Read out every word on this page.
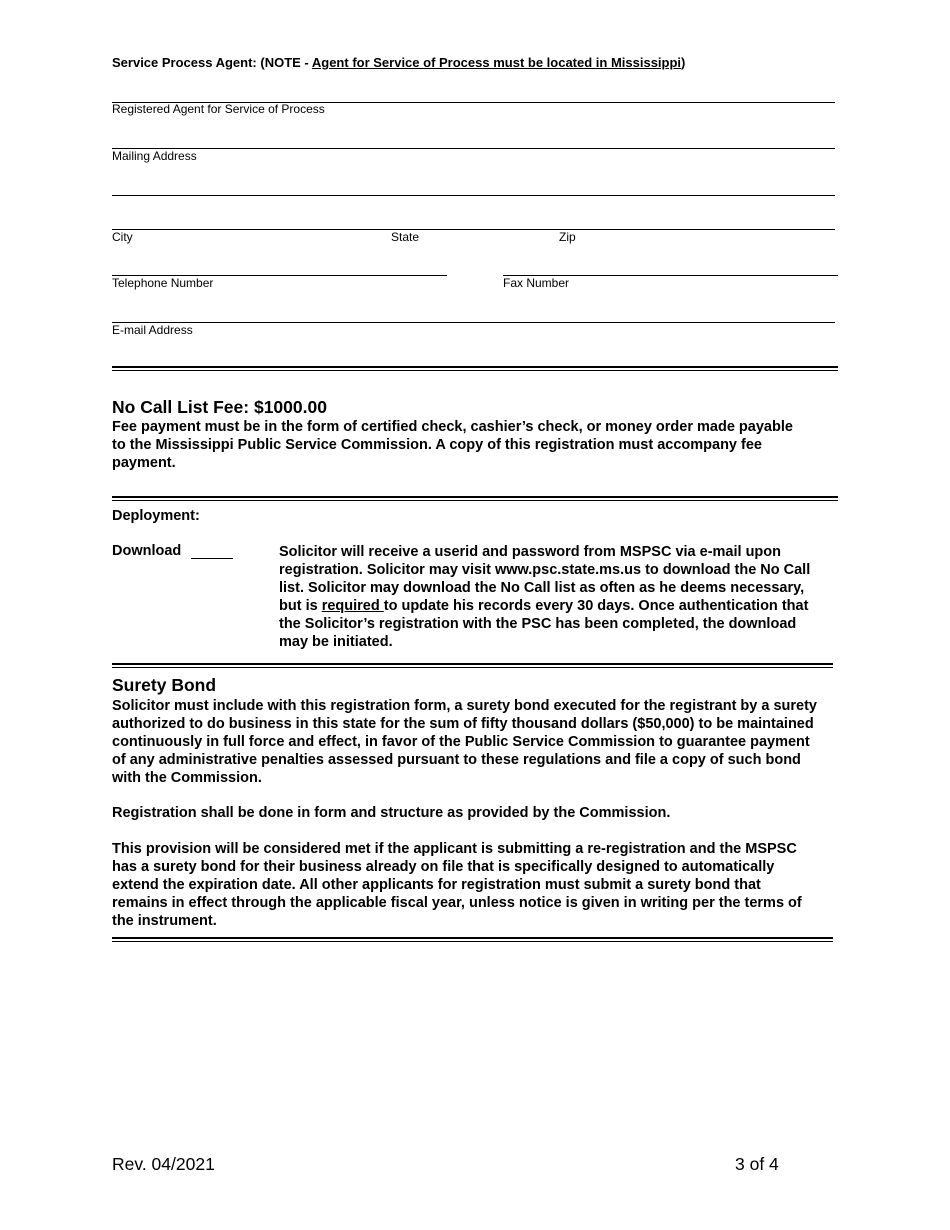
Service Process Agent: (NOTE - Agent for Service of Process must be located in Mississippi)
Registered Agent for Service of Process
Mailing Address
City	State	Zip
Telephone Number	Fax Number
E-mail Address
No Call List Fee: $1000.00
Fee payment must be in the form of certified check, cashier’s check, or money order made payable to the Mississippi Public Service Commission. A copy of this registration must accompany fee payment.
Deployment:
Download	Solicitor will receive a userid and password from MSPSC via e-mail upon registration. Solicitor may visit www.psc.state.ms.us to download the No Call list. Solicitor may download the No Call list as often as he deems necessary, but is required to update his records every 30 days. Once authentication that the Solicitor’s registration with the PSC has been completed, the download may be initiated.
Surety Bond
Solicitor must include with this registration form, a surety bond executed for the registrant by a surety authorized to do business in this state for the sum of fifty thousand dollars ($50,000) to be maintained continuously in full force and effect, in favor of the Public Service Commission to guarantee payment of any administrative penalties assessed pursuant to these regulations and file a copy of such bond with the Commission.
Registration shall be done in form and structure as provided by the Commission.
This provision will be considered met if the applicant is submitting a re-registration and the MSPSC has a surety bond for their business already on file that is specifically designed to automatically extend the expiration date. All other applicants for registration must submit a surety bond that remains in effect through the applicable fiscal year, unless notice is given in writing per the terms of the instrument.
Rev. 04/2021	3 of 4
